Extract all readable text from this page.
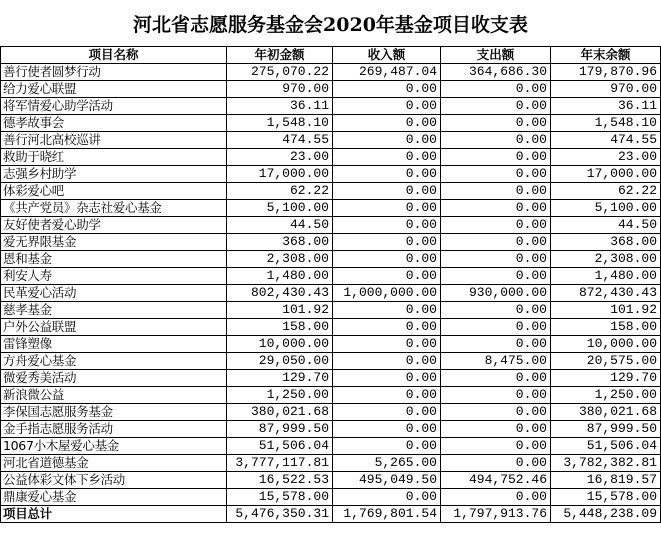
河北省志愿服务基金会2020年基金项目收支表
项目名称	年初金额	收入额	支出额	年末余额
善行使者圆梦行动	275,070.22	269,487.04	364,686.30	179,870.96
给力爱心联盟	970.00	0.00	0.00	970.00
将军情爱心助学活动	36.11	0.00	0.00	36.11
德孝故事会	1,548.10	0.00	0.00	1,548.10
善行河北高校巡讲	474.55	0.00	0.00	474.55
救助于晓红	23.00	0.00	0.00	23.00
志强乡村助学	17,000.00	0.00	0.00	17,000.00
体彩爱心吧	62.22	0.00	0.00	62.22
《共产党员》杂志社爱心基金	5,100.00	0.00	0.00	5,100.00
友好使者爱心助学	44.50	0.00	0.00	44.50
爱无界限基金	368.00	0.00	0.00	368.00
恩和基金	2,308.00	0.00	0.00	2,308.00
利安人寿	1,480.00	0.00	0.00	1,480.00
民革爱心活动	802,430.43	1,000,000.00	930,000.00	872,430.43
慈孝基金	101.92	0.00	0.00	101.92
户外公益联盟	158.00	0.00	0.00	158.00
雷锋塑像	10,000.00	0.00	0.00	10,000.00
方舟爱心基金	29,050.00	0.00	8,475.00	20,575.00
微爱秀美活动	129.70	0.00	0.00	129.70
新浪微公益	1,250.00	0.00	0.00	1,250.00
李保国志愿服务基金	380,021.68	0.00	0.00	380,021.68
金手指志愿服务活动	87,999.50	0.00	0.00	87,999.50
1067小木屋爱心基金	51,506.04	0.00	0.00	51,506.04
河北省道德基金	3,777,117.81	5,265.00	0.00	3,782,382.81
公益体彩文体下乡活动	16,522.53	495,049.50	494,752.46	16,819.57
鼎康爱心基金	15,578.00	0.00	0.00	15,578.00
项目总计	5,476,350.31	1,769,801.54	1,797,913.76	5,448,238.09
